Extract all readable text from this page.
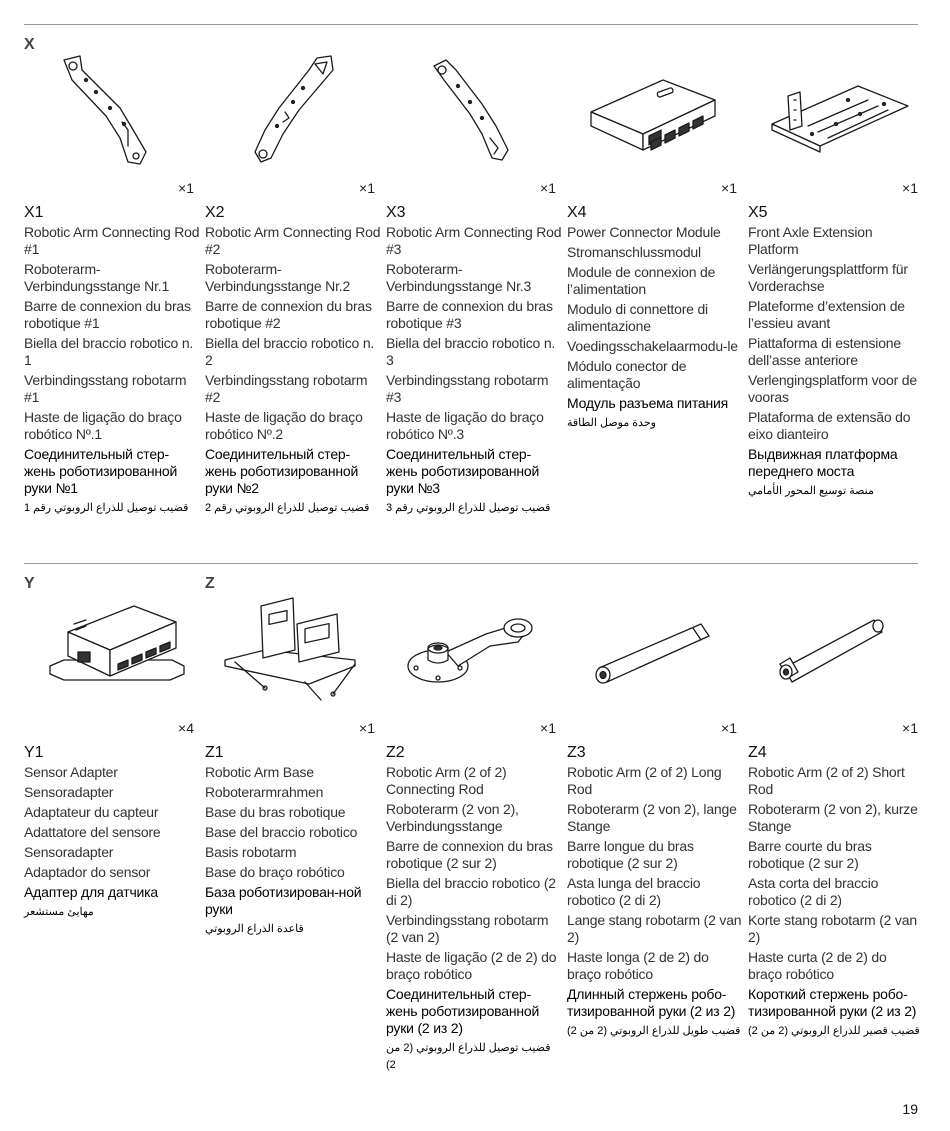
X
Y	Z
×1
X1
Robotic Arm Connecting Rod #1
Roboterarm-Verbindungsstange Nr.1
Barre de connexion du bras robotique #1
Biella del braccio robotico n. 1
Verbindingsstang robotarm #1
Haste de ligação do braço robótico Nº.1
Соединительный стер-жень роботизированной руки №1
قضيب توصيل للذراع الروبوتي رقم 1
×1
X2
Robotic Arm Connecting Rod #2
Roboterarm-Verbindungsstange Nr.2
Barre de connexion du bras robotique #2
Biella del braccio robotico n. 2
Verbindingsstang robotarm #2
Haste de ligação do braço robótico Nº.2
Соединительный стер-жень роботизированной руки №2
قضيب توصيل للذراع الروبوتي رقم 2
×1
X3
Robotic Arm Connecting Rod #3
Roboterarm-Verbindungsstange Nr.3
Barre de connexion du bras robotique #3
Biella del braccio robotico n. 3
Verbindingsstang robotarm #3
Haste de ligação do braço robótico Nº.3
Соединительный стер-жень роботизированной руки №3
قضيب توصيل للذراع الروبوتي رقم 3
×1
X4
Power Connector Module
Stromanschlussmodul
Module de connexion de l’alimentation
Modulo di connettore di alimentazione
Voedingsschakelaarmodu-le
Módulo conector de alimentação
Модуль разъема питания
وحدة موصل الطاقة
×1
X5
Front Axle Extension Platform
Verlängerungsplattform für Vorderachse
Plateforme d’extension de l’essieu avant
Piattaforma di estensione dell’asse anteriore
Verlengingsplatform voor de vooras
Plataforma de extensão do eixo dianteiro
Выдвижная платформа переднего моста
منصة توسيع المحور الأمامي
×4
Y1
Sensor Adapter
Sensoradapter
Adaptateur du capteur
Adattatore del sensore
Sensoradapter
Adaptador do sensor
Адаптер для датчика
مهايئ مستشعر
×1
Z1
Robotic Arm Base
Roboterarmrahmen
Base du bras robotique
Base del braccio robotico
Basis robotarm
Base do braço robótico
База роботизирован-ной руки
قاعدة الذراع الروبوتي
×1
Z2
Robotic Arm (2 of 2) Connecting Rod
Roboterarm (2 von 2), Verbindungsstange
Barre de connexion du bras robotique (2 sur 2)
Biella del braccio robotico (2 di 2)
Verbindingsstang robotarm (2 van 2)
Haste de ligação (2 de 2) do braço robótico
Соединительный стер-жень роботизированной руки (2 из 2)
قضيب توصيل للذراع الروبوتي (2 من 2)
×1
Z3
Robotic Arm (2 of 2) Long Rod
Roboterarm (2 von 2), lange Stange
Barre longue du bras robotique (2 sur 2)
Asta lunga del braccio robotico (2 di 2)
Lange stang robotarm (2 van 2)
Haste longa (2 de 2) do braço robótico
Длинный стержень робо-тизированной руки (2 из 2)
قضيب طويل للذراع الروبوتي (2 من 2)
×1
Z4
Robotic Arm (2 of 2) Short Rod
Roboterarm (2 von 2), kurze Stange
Barre courte du bras robotique (2 sur 2)
Asta corta del braccio robotico (2 di 2)
Korte stang robotarm (2 van 2)
Haste curta (2 de 2) do braço robótico
Короткий стержень робо-тизированной руки (2 из 2)
قضيب قصير للذراع الروبوتي (2 من 2)
19
